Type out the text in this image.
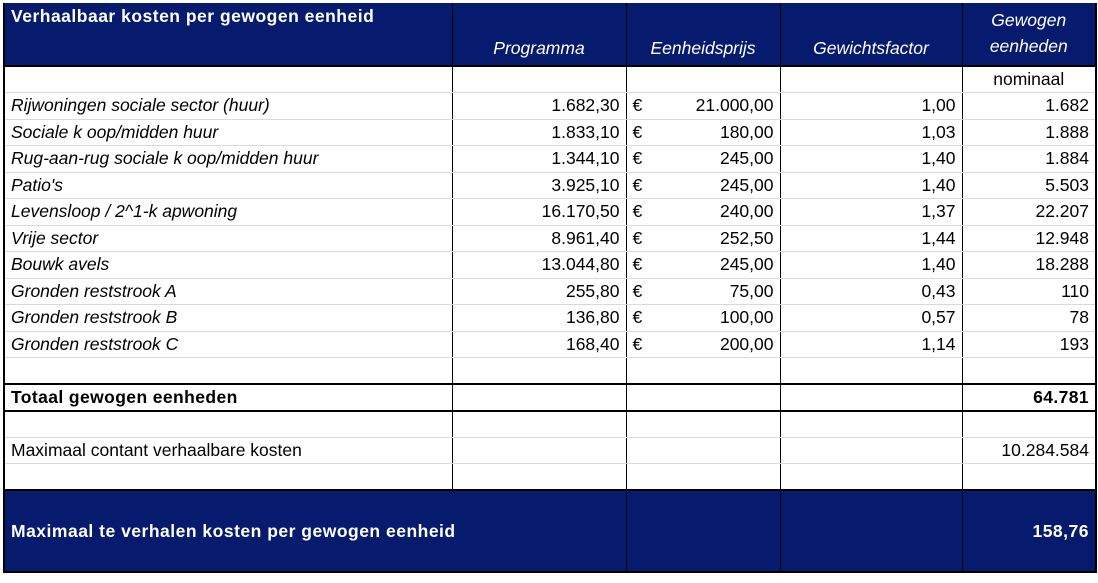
Verhaalbaar kosten per gewogen eenheid	Programma	Eenheidsprijs	Gewichtsfactor	Gewogen
eenheden

				nominaal
Rijwoningen sociale sector (huur)	1.682,30	€ 21.000,00	1,00	1.682
Sociale k oop/midden huur	1.833,10	€ 180,00	1,03	1.888
Rug-aan-rug sociale k oop/midden huur	1.344,10	€ 245,00	1,40	1.884
Patio's	3.925,10	€ 245,00	1,40	5.503
Levensloop / 2^1-k apwoning	16.170,50	€ 240,00	1,37	22.207
Vrije sector	8.961,40	€ 252,50	1,44	12.948
Bouwk avels	13.044,80	€ 245,00	1,40	18.288
Gronden reststrook A	255,80	€ 75,00	0,43	110
Gronden reststrook B	136,80	€ 100,00	0,57	78
Gronden reststrook C	168,40	€ 200,00	1,14	193

Totaal gewogen eenheden				64.781

Maximaal contant verhaalbare kosten				10.284.584

Maximaal te verhalen kosten per gewogen eenheid				158,76
